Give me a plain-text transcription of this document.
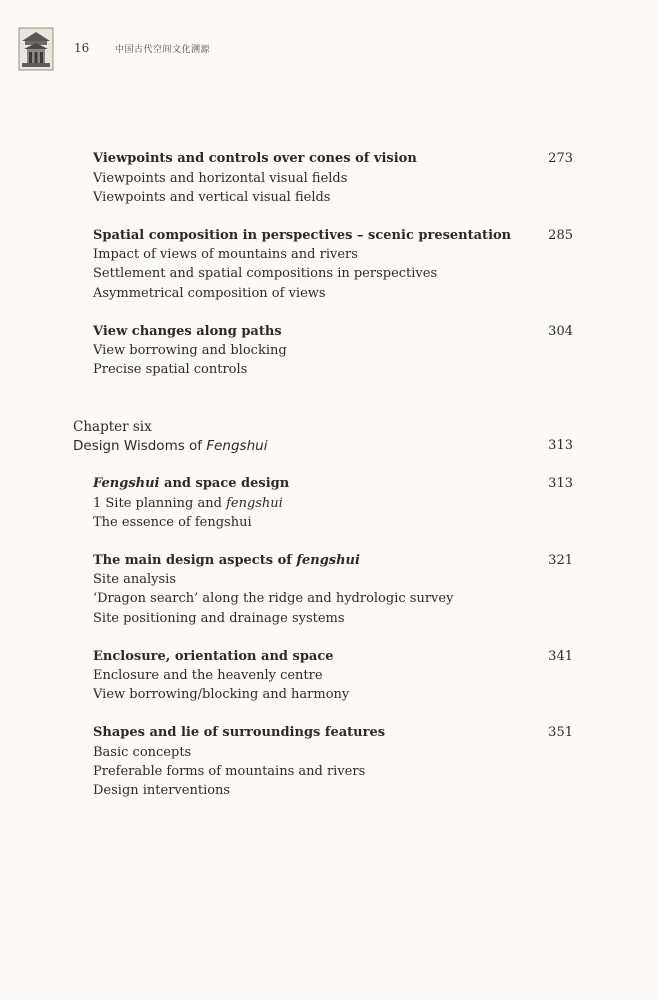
16	中国古代空间文化溯源
Viewpoints and controls over cones of vision	273
Viewpoints and horizontal visual fields
Viewpoints and vertical visual fields
Spatial composition in perspectives – scenic presentation	285
Impact of views of mountains and rivers
Settlement and spatial compositions in perspectives
Asymmetrical composition of views
View changes along paths	304
View borrowing and blocking
Precise spatial controls
Chapter six
Design Wisdoms of Fengshui	313
Fengshui and space design	313
1 Site planning and fengshui
The essence of fengshui
The main design aspects of fengshui	321
Site analysis
‘Dragon search’ along the ridge and hydrologic survey
Site positioning and drainage systems
Enclosure, orientation and space	341
Enclosure and the heavenly centre
View borrowing/blocking and harmony
Shapes and lie of surroundings features	351
Basic concepts
Preferable forms of mountains and rivers
Design interventions
